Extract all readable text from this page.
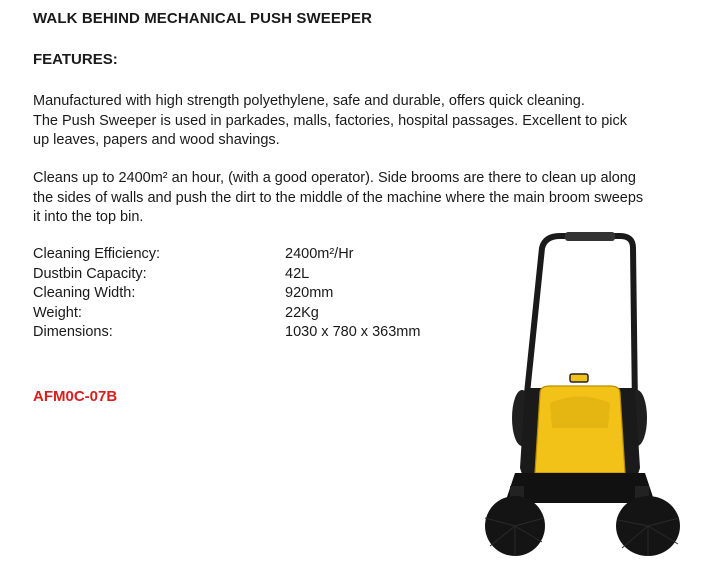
WALK BEHIND MECHANICAL PUSH SWEEPER
FEATURES:
Manufactured with high strength polyethylene, safe and durable, offers quick cleaning.
The Push Sweeper is used in parkades, malls, factories, hospital passages. Excellent to pick
up leaves, papers and wood shavings.
Cleans up to 2400m² an hour, (with a good operator). Side brooms are there to clean up along
the sides of walls and push the dirt to the middle of the machine where the main broom sweeps
it into the top bin.
Cleaning Efficiency:	2400m²/Hr
Dustbin Capacity:	42L
Cleaning Width:	920mm
Weight:	22Kg
Dimensions:	1030 x 780 x 363mm
AFM0C-07B
